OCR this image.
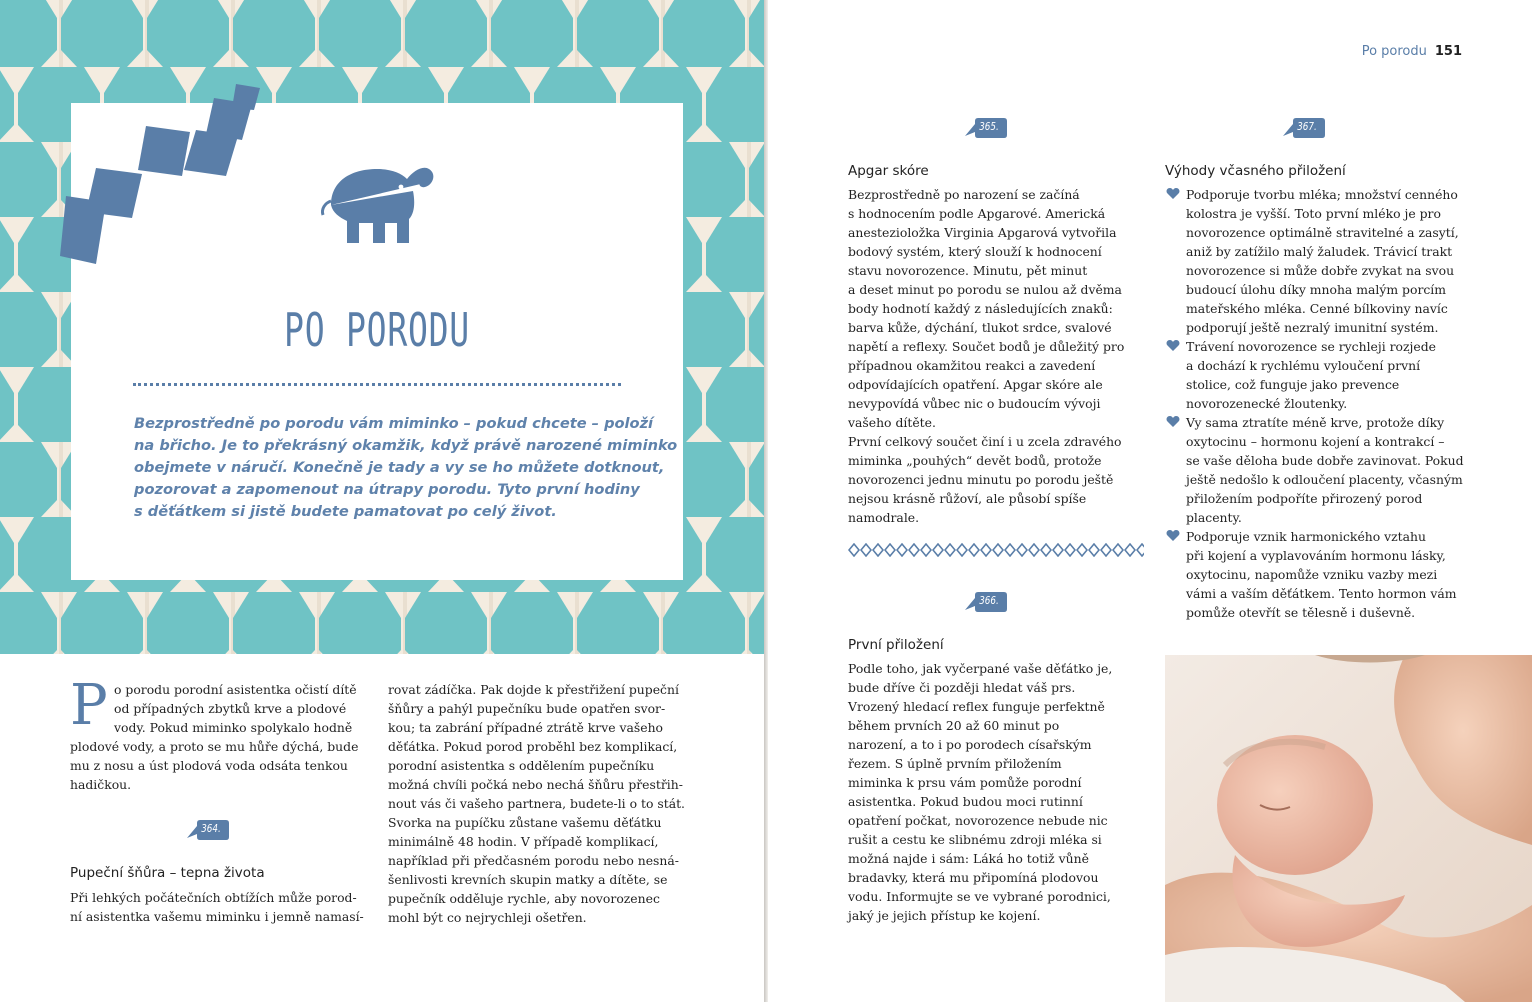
PO PORODU
Bezprostředně po porodu vám miminko – pokud chcete – položí
na břicho. Je to překrásný okamžik, když právě narozené miminko
obejmete v náručí. Konečně je tady a vy se ho můžete dotknout,
pozorovat a zapomenout na útrapy porodu. Tyto první hodiny
s děťátkem si jistě budete pamatovat po celý život.
P o porodu porodní asistentka očistí dítě
od případných zbytků krve a plodové
vody. Pokud miminko spolykalo hodně
plodové vody, a proto se mu hůře dýchá, bude
mu z nosu a úst plodová voda odsáta tenkou
hadičkou.
364.
Pupeční šňůra – tepna života
Při lehkých počátečních obtížích může porod-
ní asistentka vašemu miminku i jemně namasí-
rovat zádíčka. Pak dojde k přestřižení pupeční
šňůry a pahýl pupečníku bude opatřen svor-
kou; ta zabrání případné ztrátě krve vašeho
děťátka. Pokud porod proběhl bez komplikací,
porodní asistentka s oddělením pupečníku
možná chvíli počká nebo nechá šňůru přestřih-
nout vás či vašeho partnera, budete-li o to stát.
Svorka na pupíčku zůstane vašemu děťátku
minimálně 48 hodin. V případě komplikací,
například při předčasném porodu nebo nesná-
šenlivosti krevních skupin matky a dítěte, se
pupečník odděluje rychle, aby novorozenec
mohl být co nejrychleji ošetřen.
Po porodu 151
365.
Apgar skóre
Bezprostředně po narození se začíná
s hodnocením podle Apgarové. Americká
anestezioložka Virginia Apgarová vytvořila
bodový systém, který slouží k hodnocení
stavu novorozence. Minutu, pět minut
a deset minut po porodu se nulou až dvěma
body hodnotí každý z následujících znaků:
barva kůže, dýchání, tlukot srdce, svalové
napětí a reflexy. Součet bodů je důležitý pro
případnou okamžitou reakci a zavedení
odpovídajících opatření. Apgar skóre ale
nevypovídá vůbec nic o budoucím vývoji
vašeho dítěte.
První celkový součet činí i u zcela zdravého
miminka „pouhých“ devět bodů, protože
novorozenci jednu minutu po porodu ještě
nejsou krásně růžoví, ale působí spíše
namodrale.
366.
První přiložení
Podle toho, jak vyčerpané vaše děťátko je,
bude dříve či později hledat váš prs.
Vrozený hledací reflex funguje perfektně
během prvních 20 až 60 minut po
narození, a to i po porodech císařským
řezem. S úplně prvním přiložením
miminka k prsu vám pomůže porodní
asistentka. Pokud budou moci rutinní
opatření počkat, novorozence nebude nic
rušit a cestu ke slibnému zdroji mléka si
možná najde i sám: Láká ho totiž vůně
bradavky, která mu připomíná plodovou
vodu. Informujte se ve vybrané porodnici,
jaký je jejich přístup ke kojení.
367.
Výhody včasného přiložení
Podporuje tvorbu mléka; množství cenného
kolostra je vyšší. Toto první mléko je pro
novorozence optimálně stravitelné a zasytí,
aniž by zatížilo malý žaludek. Trávicí trakt
novorozence si může dobře zvykat na svou
budoucí úlohu díky mnoha malým porcím
mateřského mléka. Cenné bílkoviny navíc
podporují ještě nezralý imunitní systém.
Trávení novorozence se rychleji rozjede
a dochází k rychlému vyloučení první
stolice, což funguje jako prevence
novorozenecké žloutenky.
Vy sama ztratíte méně krve, protože díky
oxytocinu – hormonu kojení a kontrakcí –
se vaše děloha bude dobře zavinovat. Pokud
ještě nedošlo k odloučení placenty, včasným
přiložením podpoříte přirozený porod
placenty.
Podporuje vznik harmonického vztahu
při kojení a vyplavováním hormonu lásky,
oxytocinu, napomůže vzniku vazby mezi
vámi a vaším děťátkem. Tento hormon vám
pomůže otevřít se tělesně i duševně.
